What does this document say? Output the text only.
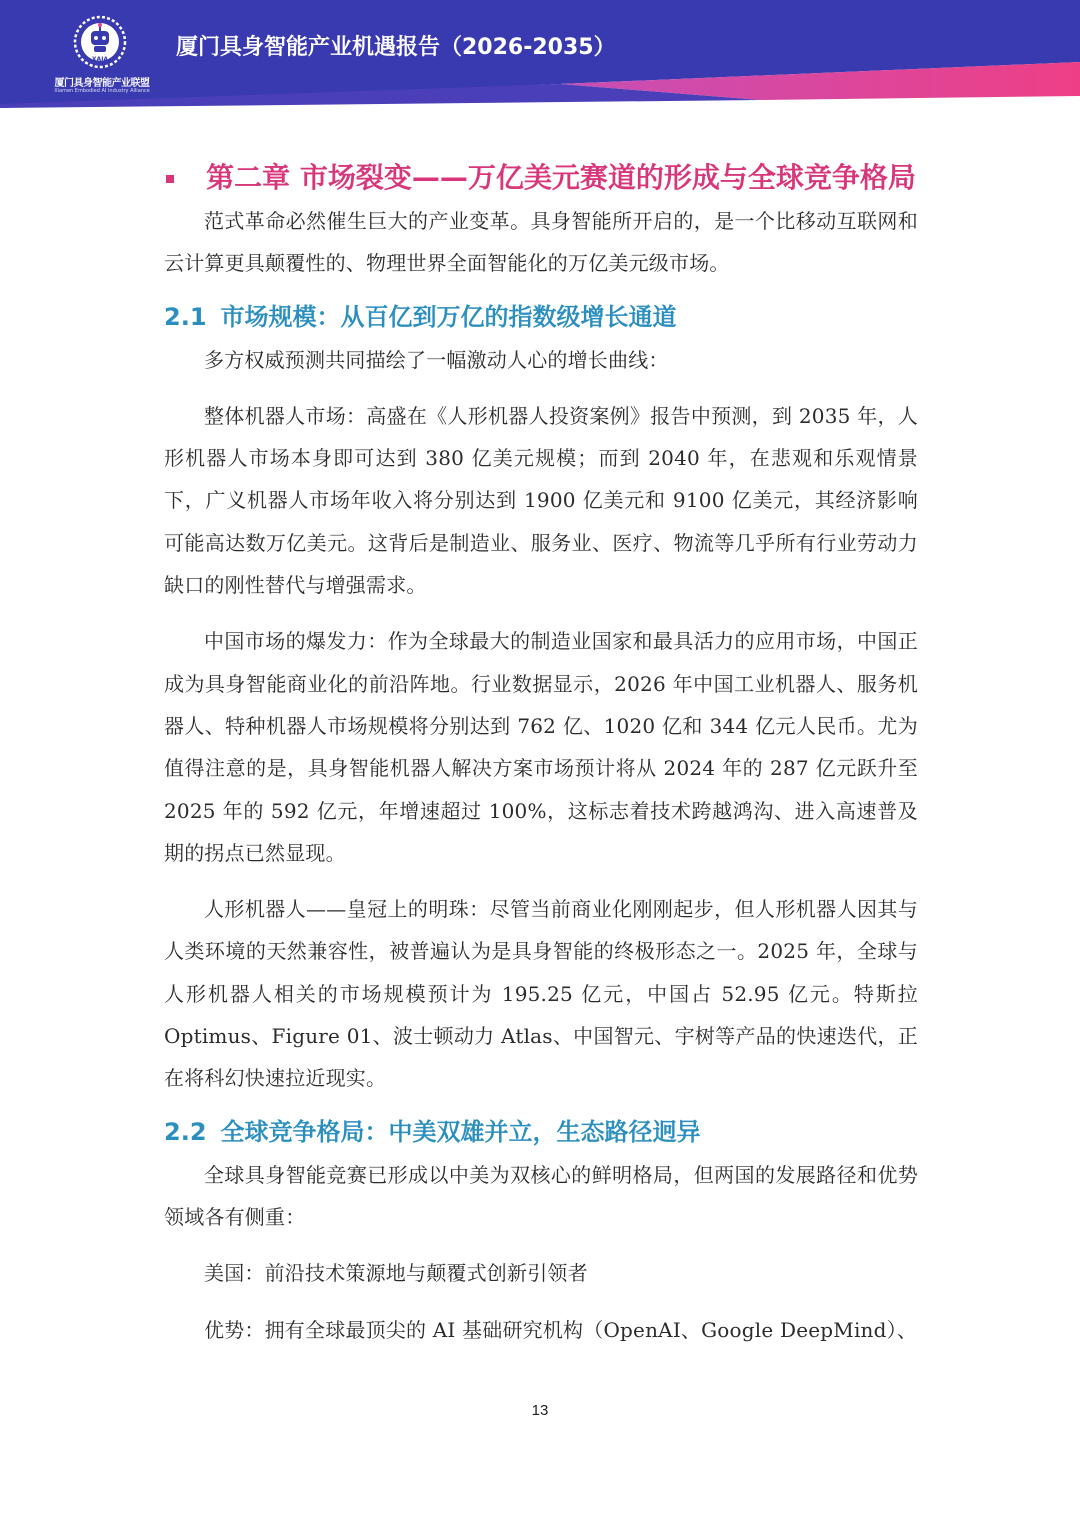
XAIA
厦门具身智能产业联盟
Xiamen Embodied AI Industry Alliance
厦门具身智能产业机遇报告（2026-2035）
第二章 市场裂变——万亿美元赛道的形成与全球竞争格局

范式革命必然催生巨大的产业变革。具身智能所开启的，是一个比移动互联网和云计算更具颠覆性的、物理世界全面智能化的万亿美元级市场。

2.1 市场规模：从百亿到万亿的指数级增长通道

多方权威预测共同描绘了一幅激动人心的增长曲线：

整体机器人市场：高盛在《人形机器人投资案例》报告中预测，到 2035 年，人形机器人市场本身即可达到 380 亿美元规模；而到 2040 年，在悲观和乐观情景下，广义机器人市场年收入将分别达到 1900 亿美元和 9100 亿美元，其经济影响可能高达数万亿美元。这背后是制造业、服务业、医疗、物流等几乎所有行业劳动力缺口的刚性替代与增强需求。

中国市场的爆发力：作为全球最大的制造业国家和最具活力的应用市场，中国正成为具身智能商业化的前沿阵地。行业数据显示，2026 年中国工业机器人、服务机器人、特种机器人市场规模将分别达到 762 亿、1020 亿和 344 亿元人民币。尤为值得注意的是，具身智能机器人解决方案市场预计将从 2024 年的 287 亿元跃升至 2025 年的 592 亿元，年增速超过 100%，这标志着技术跨越鸿沟、进入高速普及期的拐点已然显现。

人形机器人——皇冠上的明珠：尽管当前商业化刚刚起步，但人形机器人因其与人类环境的天然兼容性，被普遍认为是具身智能的终极形态之一。2025 年，全球与人形机器人相关的市场规模预计为 195.25 亿元，中国占 52.95 亿元。特斯拉 Optimus、Figure 01、波士顿动力 Atlas、中国智元、宇树等产品的快速迭代，正在将科幻快速拉近现实。

2.2 全球竞争格局：中美双雄并立，生态路径迥异

全球具身智能竞赛已形成以中美为双核心的鲜明格局，但两国的发展路径和优势领域各有侧重：

美国：前沿技术策源地与颠覆式创新引领者

优势：拥有全球最顶尖的 AI 基础研究机构（OpenAI、Google DeepMind）、

13
